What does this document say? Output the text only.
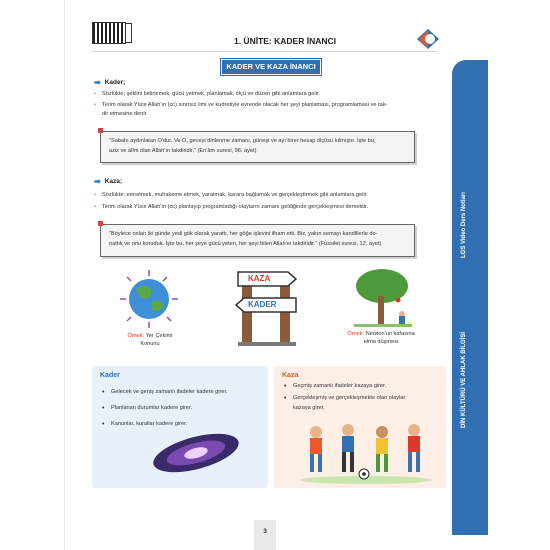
1. ÜNİTE: KADER İNANCI
LGS Video Ders Notları
DİN KÜLTÜRÜ VE AHLAK BİLGİSİ
KADER VE KAZA İNANCI
➡ Kader;
• Sözlükte; şeklini belirlemek, gücü yetmek, planlamak, ölçü ve düzen gibi anlamlara gelir.
• Terim olarak Yüce Allah'ın (cc) sınırsız ilmi ve kudretiyle evrende olacak her şeyi planlaması, programlaması ve tak-
dir etmesine denir.
"Sabahı aydınlatan O'dur. Ve O, geceyi dinlenme zamanı, güneşi ve ayı birer hesap ölçüsü kılmıştır. İşte bu,
aziz ve alîm olan Allah'ın takdiridir." (En'âm suresi, 96. ayet)
➡ Kaza;
• Sözlükte; emretmek, muhakeme etmek, yaratmak, karara bağlamak ve gerçekleştirmek gibi anlamlara gelir.
• Terim olarak Yüce Allah'ın (cc) planlayıp programladığı olayların zamanı geldiğinde gerçekleşmesi demektir.
"Böylece onları iki günde yedi gök olarak yarattı, her göğe işlevini ilham etti. Biz, yakın semayı kandillerle do-
nattık ve onu koruduk. İşte bu, her şeye gücü yeten, her şeyi bilen Allah'ın takdiridir." (Fussilet suresi, 12. ayet)
Örnek: Yer Çekimi
Konunu
KAZA
KADER
Örnek: Newton'un kafasına
elma düşmesi
Kader
• Gelecek ve geniş zamanlı ifadeler kadere girer.
• Planlanan durumlar kadere girer.
• Kanunlar, kurallar kadere girer.
Kaza
• Geçmiş zamanlı ifadeler kazaya girer.
• Gerçekleşmiş ve gerçekleşmekte olan olaylar
kazaya girer.
3
